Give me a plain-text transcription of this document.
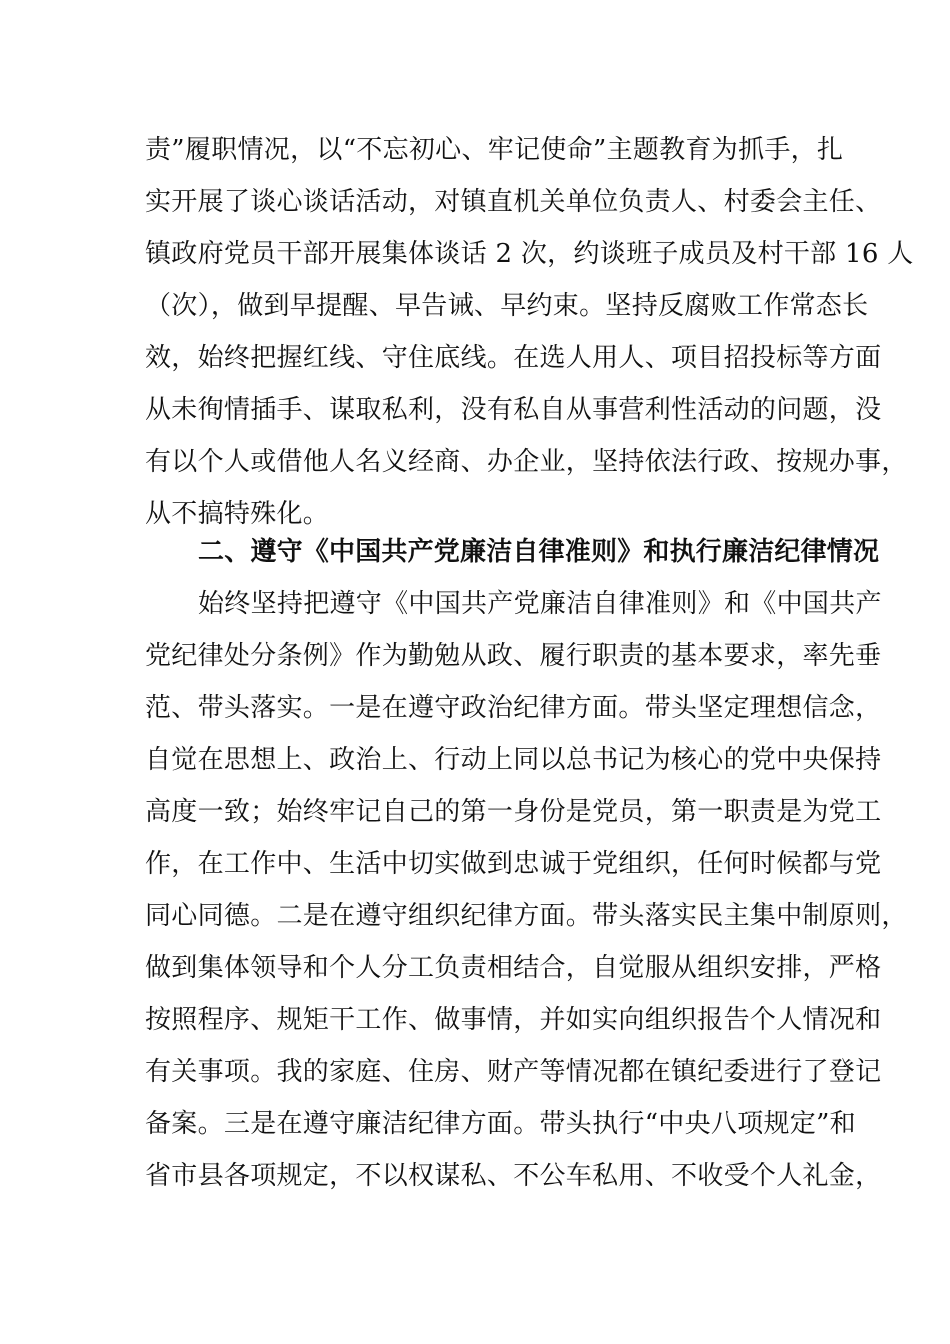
责”履职情况，以“不忘初心、牢记使命”主题教育为抓手，扎
实开展了谈心谈话活动，对镇直机关单位负责人、村委会主任、
镇政府党员干部开展集体谈话 2 次，约谈班子成员及村干部 16 人
（次），做到早提醒、早告诫、早约束。坚持反腐败工作常态长
效，始终把握红线、守住底线。在选人用人、项目招投标等方面
从未徇情插手、谋取私利，没有私自从事营利性活动的问题，没
有以个人或借他人名义经商、办企业，坚持依法行政、按规办事，
从不搞特殊化。
二、遵守《中国共产党廉洁自律准则》和执行廉洁纪律情况
始终坚持把遵守《中国共产党廉洁自律准则》和《中国共产
党纪律处分条例》作为勤勉从政、履行职责的基本要求，率先垂
范、带头落实。一是在遵守政治纪律方面。带头坚定理想信念，
自觉在思想上、政治上、行动上同以总书记为核心的党中央保持
高度一致；始终牢记自己的第一身份是党员，第一职责是为党工
作，在工作中、生活中切实做到忠诚于党组织，任何时候都与党
同心同德。二是在遵守组织纪律方面。带头落实民主集中制原则，
做到集体领导和个人分工负责相结合，自觉服从组织安排，严格
按照程序、规矩干工作、做事情，并如实向组织报告个人情况和
有关事项。我的家庭、住房、财产等情况都在镇纪委进行了登记
备案。三是在遵守廉洁纪律方面。带头执行“中央八项规定”和
省市县各项规定，不以权谋私、不公车私用、不收受个人礼金，
